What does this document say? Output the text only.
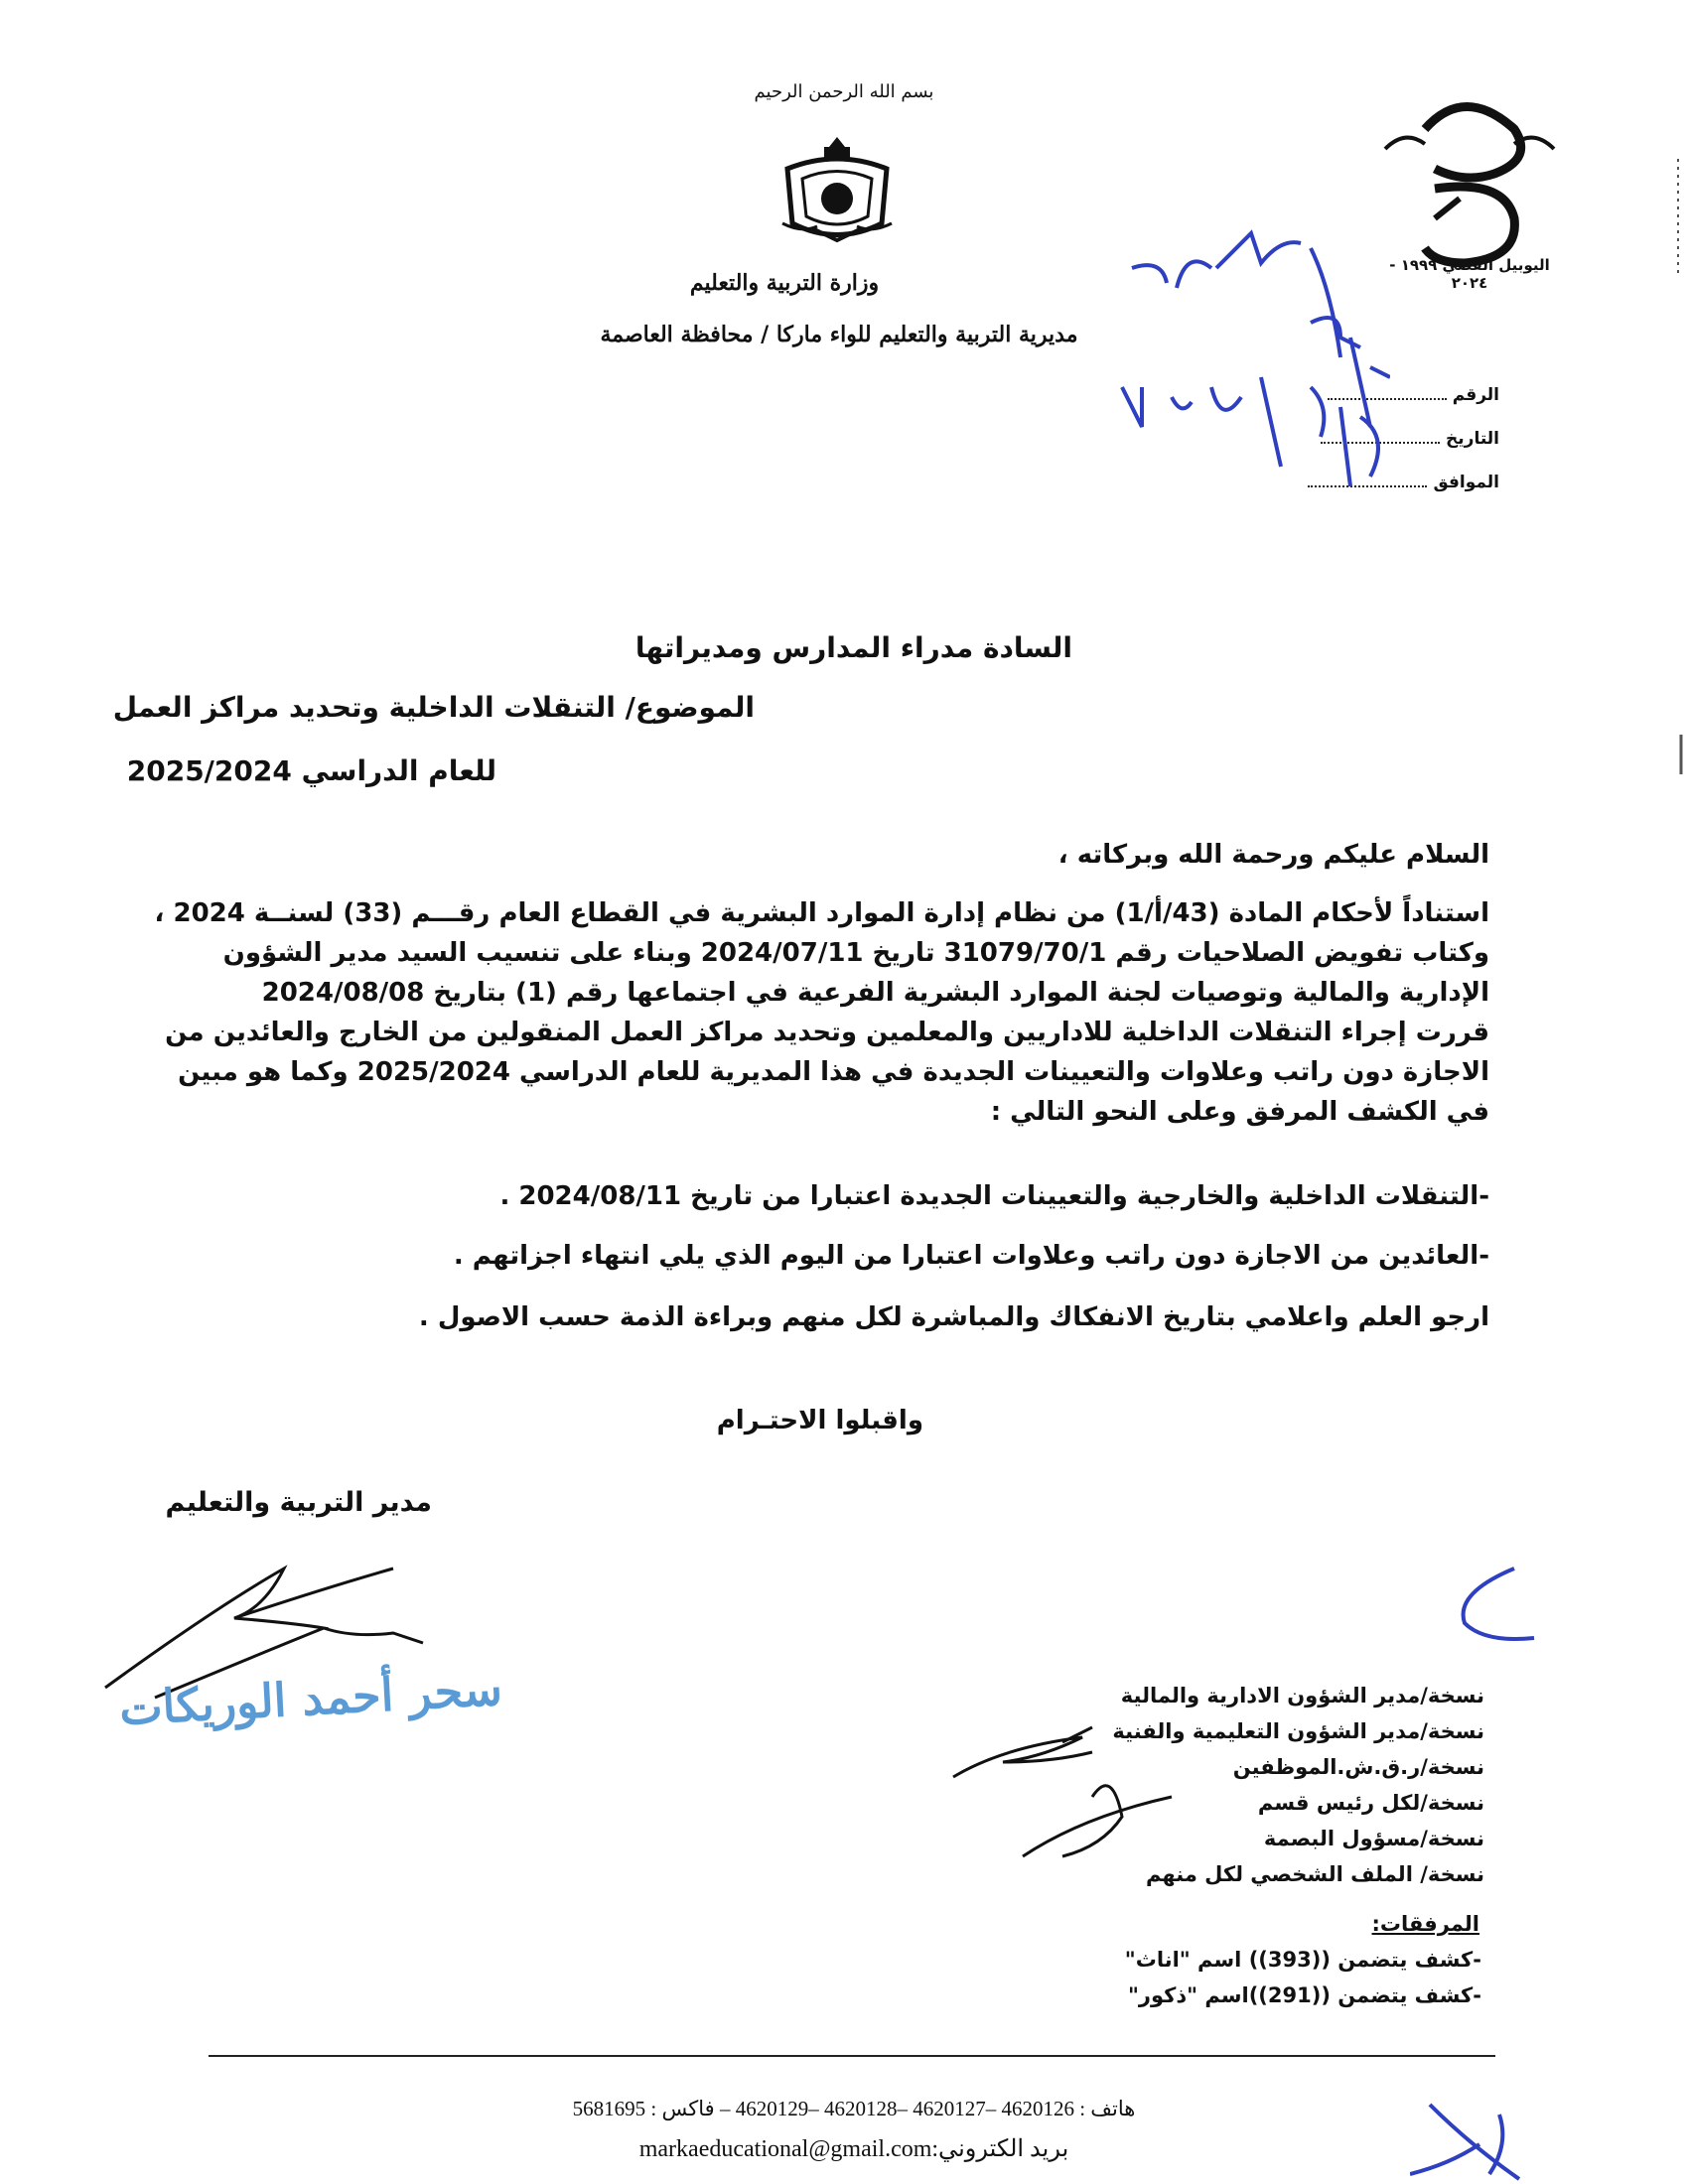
بسم الله الرحمن الرحيم
وزارة التربية والتعليم
مديرية التربية والتعليم للواء ماركا / محافظة العاصمة
اليوبيل الفضي ١٩٩٩ - ٢٠٢٤
الرقم
التاريخ
الموافق
السادة مدراء المدارس ومديراتها
الموضوع/ التنقلات الداخلية وتحديد مراكز العمل
للعام الدراسي 2025/2024
السلام عليكم ورحمة الله وبركاته ،
استناداً لأحكام المادة (43/أ/1) من نظام إدارة الموارد البشرية في القطاع العام رقـــم (33) لسنــة 2024 ،
وكتاب تفويض الصلاحيات رقم 31079/70/1 تاريخ 2024/07/11 وبناء على تنسيب السيد مدير الشؤون
الإدارية والمالية وتوصيات لجنة الموارد البشرية الفرعية في اجتماعها رقم (1) بتاريخ 2024/08/08
قررت إجراء التنقلات الداخلية للاداريين والمعلمين وتحديد مراكز العمل المنقولين من الخارج والعائدين من
الاجازة دون راتب وعلاوات والتعيينات الجديدة في هذا المديرية للعام الدراسي 2025/2024 وكما هو مبين
في الكشف المرفق وعلى النحو التالي :
-التنقلات الداخلية والخارجية والتعيينات الجديدة اعتبارا من تاريخ 2024/08/11 .
-العائدين من الاجازة دون راتب وعلاوات اعتبارا من اليوم الذي يلي انتهاء اجزاتهم .
ارجو العلم واعلامي بتاريخ الانفكاك والمباشرة لكل منهم وبراءة الذمة حسب الاصول .
واقبلوا الاحتـرام
مدير التربية والتعليم
سحر أحمد الوريكات	نسخة/مدير الشؤون الادارية والمالية
نسخة/مدير الشؤون التعليمية والفنية
نسخة/ر.ق.ش.الموظفين
نسخة/لكل رئيس قسم
نسخة/مسؤول البصمة
نسخة/ الملف الشخصي لكل منهم
المرفقات:
-كشف يتضمن ((393)) اسم "اناث"
-كشف يتضمن ((291))اسم "ذكور"
هاتف : 4620126 –4620127 –4620128 –4620129 – فاكس : 5681695
بريد الكتروني:markaeducational@gmail.com
